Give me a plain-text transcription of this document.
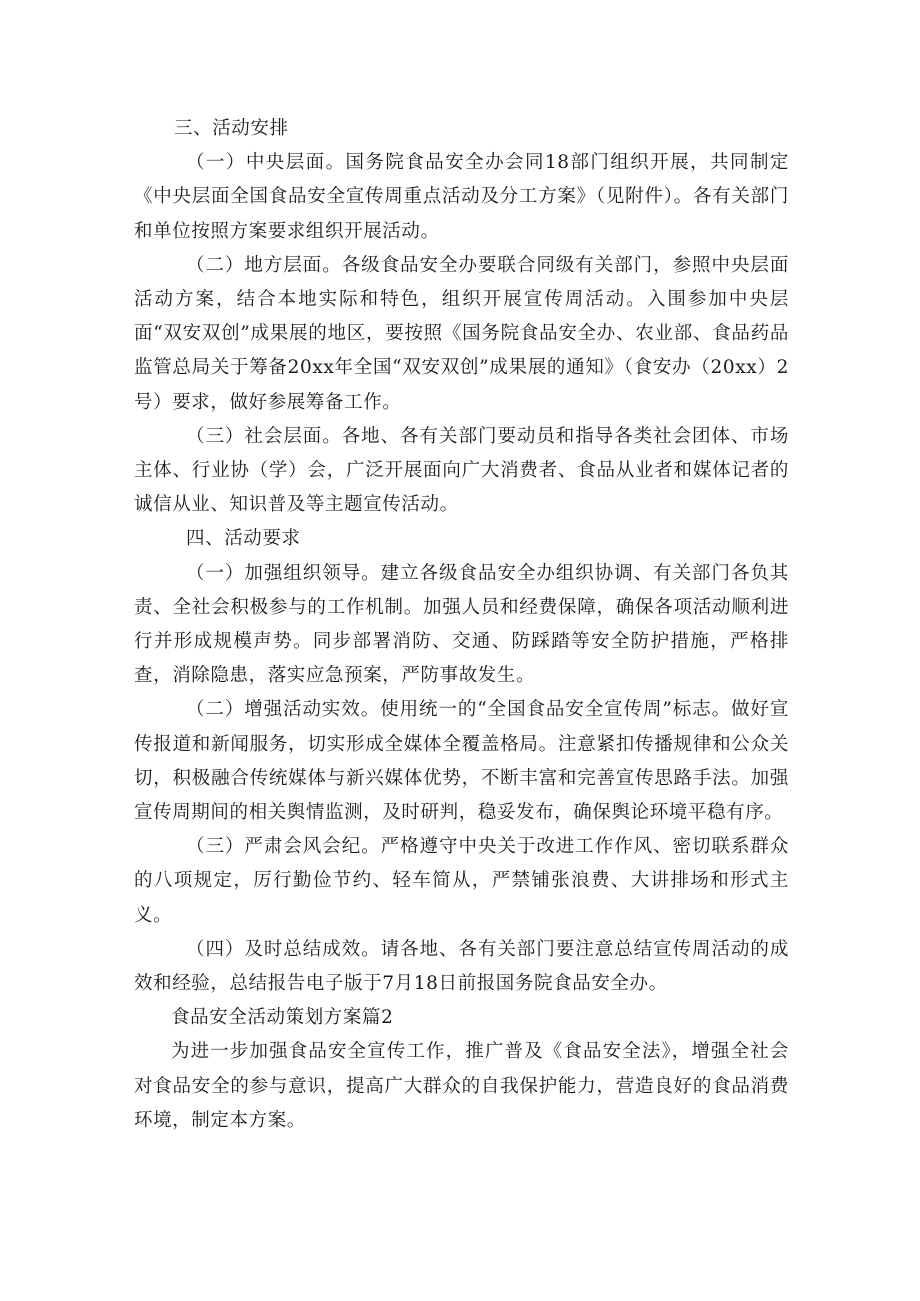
三、活动安排

（一）中央层面。国务院食品安全办会同18部门组织开展，共同制定《中央层面全国食品安全宣传周重点活动及分工方案》（见附件）。各有关部门和单位按照方案要求组织开展活动。

（二）地方层面。各级食品安全办要联合同级有关部门，参照中央层面活动方案，结合本地实际和特色，组织开展宣传周活动。入围参加中央层面“双安双创”成果展的地区，要按照《国务院食品安全办、农业部、食品药品监管总局关于筹备20xx年全国“双安双创”成果展的通知》（食安办（20xx）2号）要求，做好参展筹备工作。

（三）社会层面。各地、各有关部门要动员和指导各类社会团体、市场主体、行业协（学）会，广泛开展面向广大消费者、食品从业者和媒体记者的诚信从业、知识普及等主题宣传活动。

四、活动要求

（一）加强组织领导。建立各级食品安全办组织协调、有关部门各负其责、全社会积极参与的工作机制。加强人员和经费保障，确保各项活动顺利进行并形成规模声势。同步部署消防、交通、防踩踏等安全防护措施，严格排查，消除隐患，落实应急预案，严防事故发生。

（二）增强活动实效。使用统一的“全国食品安全宣传周”标志。做好宣传报道和新闻服务，切实形成全媒体全覆盖格局。注意紧扣传播规律和公众关切，积极融合传统媒体与新兴媒体优势，不断丰富和完善宣传思路手法。加强宣传周期间的相关舆情监测，及时研判，稳妥发布，确保舆论环境平稳有序。

（三）严肃会风会纪。严格遵守中央关于改进工作作风、密切联系群众的八项规定，厉行勤俭节约、轻车简从，严禁铺张浪费、大讲排场和形式主义。

（四）及时总结成效。请各地、各有关部门要注意总结宣传周活动的成效和经验，总结报告电子版于7月18日前报国务院食品安全办。

食品安全活动策划方案篇2

为进一步加强食品安全宣传工作，推广普及《食品安全法》，增强全社会对食品安全的参与意识，提高广大群众的自我保护能力，营造良好的食品消费环境，制定本方案。
